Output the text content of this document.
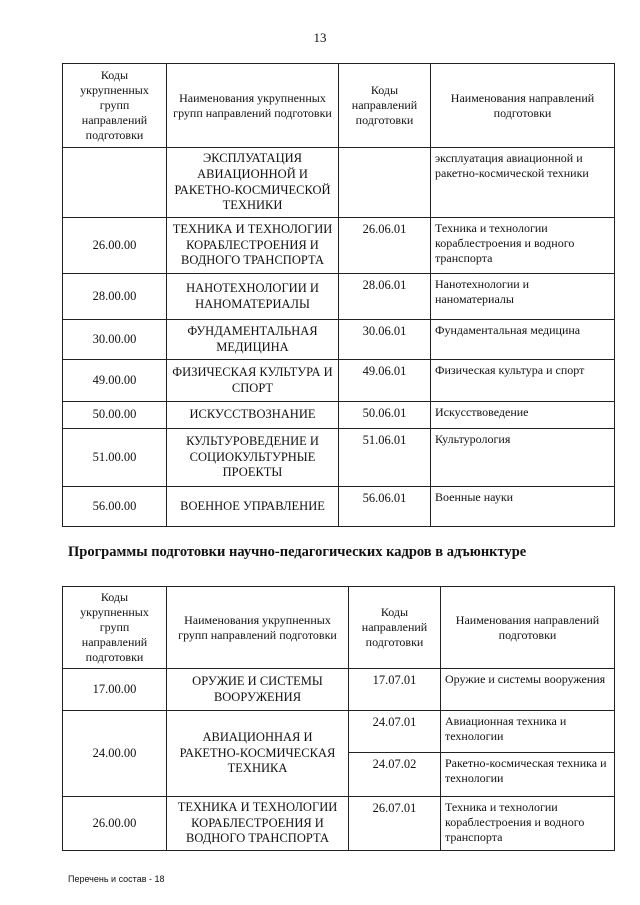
13
Коды укрупненных групп направлений подготовки	Наименования укрупненных групп направлений подготовки	Коды направлений подготовки	Наименования направлений подготовки
	ЭКСПЛУАТАЦИЯ АВИАЦИОННОЙ И РАКЕТНО-КОСМИЧЕСКОЙ ТЕХНИКИ		эксплуатация авиационной и ракетно-космической техники
26.00.00	ТЕХНИКА И ТЕХНОЛОГИИ КОРАБЛЕСТРОЕНИЯ И ВОДНОГО ТРАНСПОРТА	26.06.01	Техника и технологии кораблестроения и водного транспорта
28.00.00	НАНОТЕХНОЛОГИИ И НАНОМАТЕРИАЛЫ	28.06.01	Нанотехнологии и наноматериалы
30.00.00	ФУНДАМЕНТАЛЬНАЯ МЕДИЦИНА	30.06.01	Фундаментальная медицина
49.00.00	ФИЗИЧЕСКАЯ КУЛЬТУРА И СПОРТ	49.06.01	Физическая культура и спорт
50.00.00	ИСКУССТВОЗНАНИЕ	50.06.01	Искусствоведение
51.00.00	КУЛЬТУРОВЕДЕНИЕ И СОЦИОКУЛЬТУРНЫЕ ПРОЕКТЫ	51.06.01	Культурология
56.00.00	ВОЕННОЕ УПРАВЛЕНИЕ	56.06.01	Военные науки
Программы подготовки научно-педагогических кадров в адъюнктуре
Коды укрупненных групп направлений подготовки	Наименования укрупненных групп направлений подготовки	Коды направлений подготовки	Наименования направлений подготовки
17.00.00	ОРУЖИЕ И СИСТЕМЫ ВООРУЖЕНИЯ	17.07.01	Оружие и системы вооружения
24.00.00	АВИАЦИОННАЯ И РАКЕТНО-КОСМИЧЕСКАЯ ТЕХНИКА	24.07.01	Авиационная техника и технологии
		24.07.02	Ракетно-космическая техника и технологии
26.00.00	ТЕХНИКА И ТЕХНОЛОГИИ КОРАБЛЕСТРОЕНИЯ И ВОДНОГО ТРАНСПОРТА	26.07.01	Техника и технологии кораблестроения и водного транспорта
Перечень и состав - 18
